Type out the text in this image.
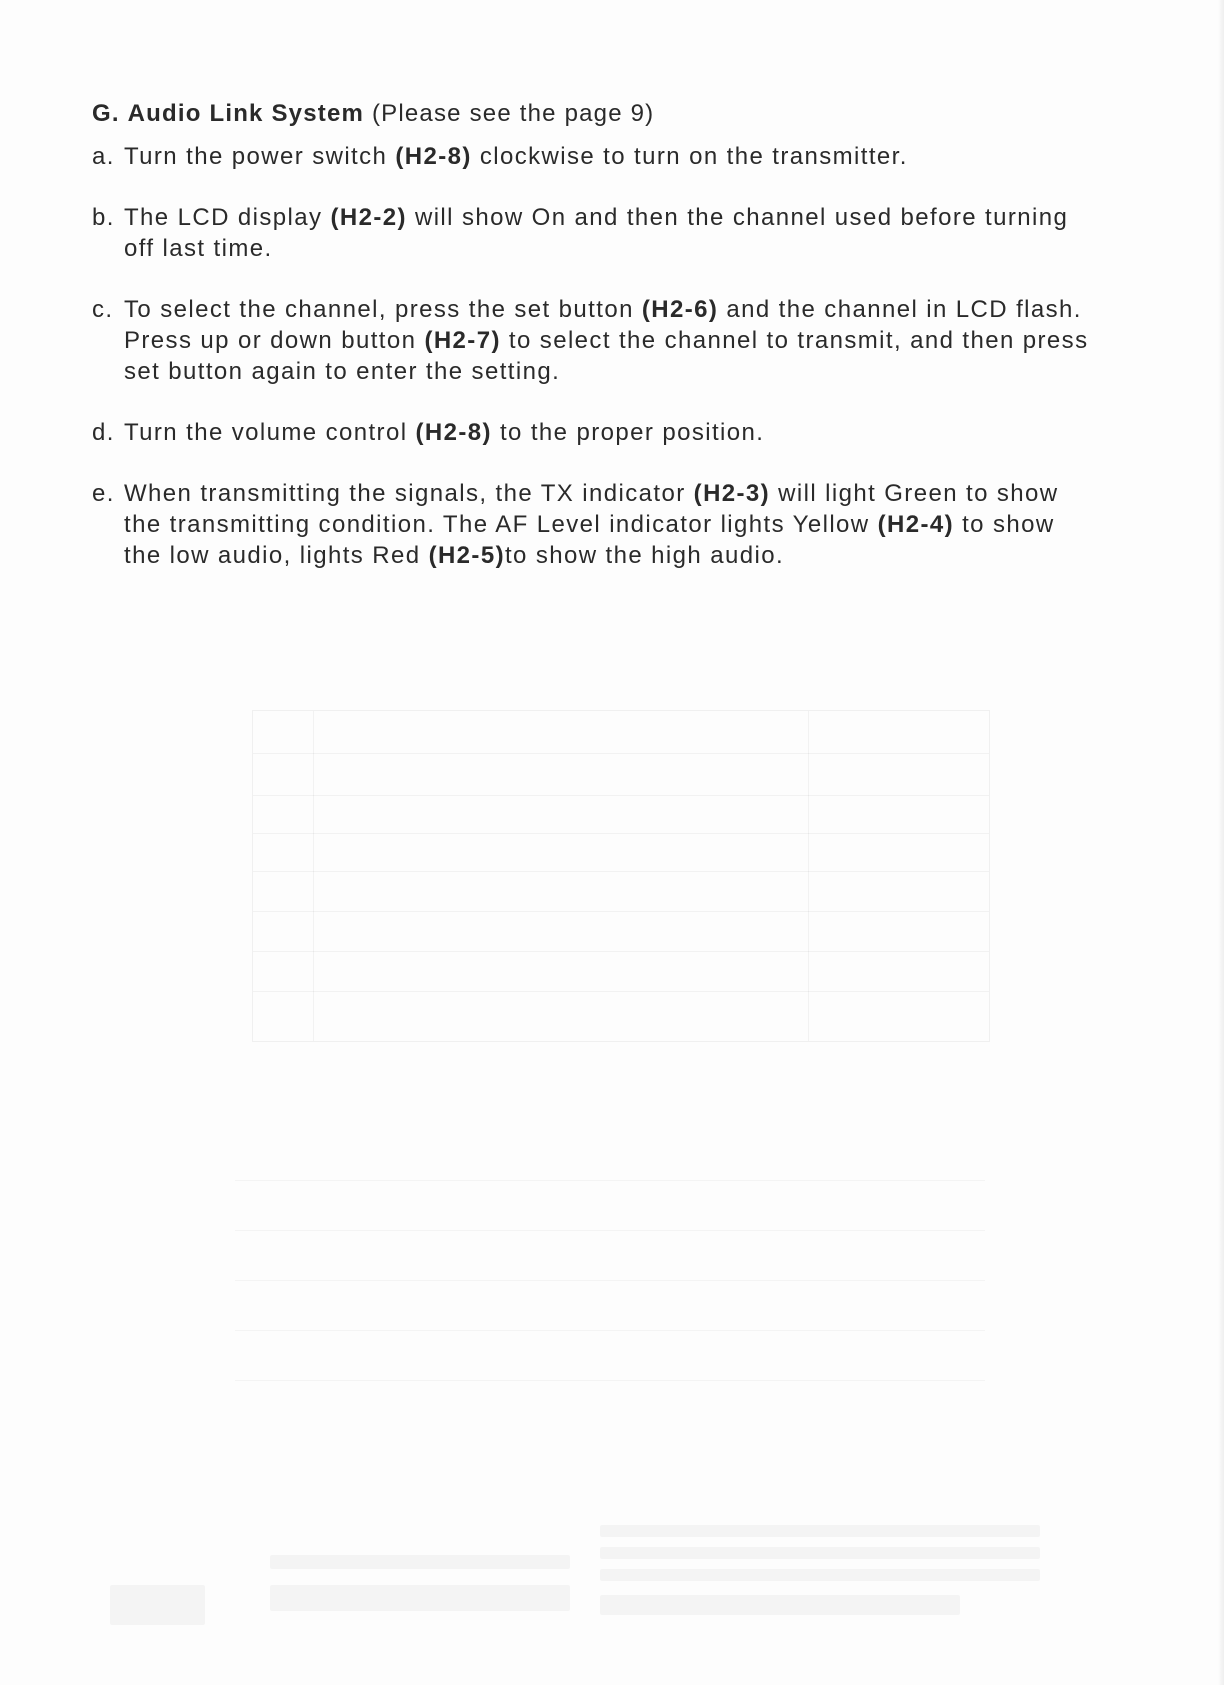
G. Audio Link System (Please see the page 9)
a. Turn the power switch (H2-8) clockwise to turn on the transmitter.
b. The LCD display (H2-2) will show On and then the channel used before turning off last time.
c. To select the channel, press the set button (H2-6) and the channel in LCD flash. Press up or down button (H2-7) to select the channel to transmit, and then press set button again to enter the setting.
d. Turn the volume control (H2-8) to the proper position.
e. When transmitting the signals, the TX indicator (H2-3) will light Green to show the transmitting condition. The AF Level indicator lights Yellow (H2-4) to show the low audio, lights Red (H2-5)to show the high audio.
